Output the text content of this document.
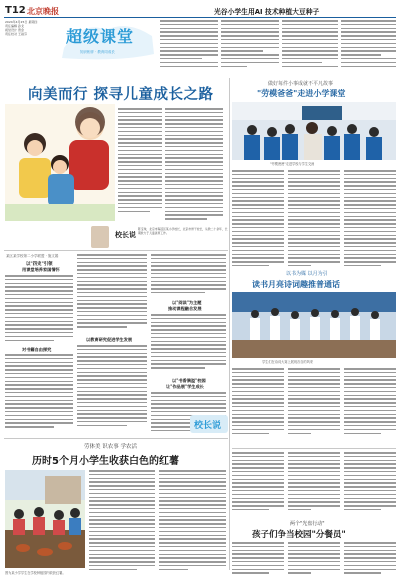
T12 北京晚报	光谷小学生用AI 技术种植大豆种子
2024年4月25日 星期四
责任编辑 孙戈
视觉设计 曾金
责任校对 王淑芬	超级课堂
知识相伴 · 教育同成长
向美而行 探寻儿童成长之路
校长说
陈宝珠，北京市海淀区某小学校长，北京市骨干校长，从教二十余年，长期致力于儿童美育工作。
做好每件小事成就不平凡故事
"劳模爸爸"走进小学课堂
"劳模爸爸"走进学校与学生交流
某区某学校第二小学联盟 · 施文娟
以"四史"引领
用课堂培养家国情怀
对书籍自由探究
以教育研究促进学生发展
以"阅读"为主题
推动课程融合发展
以"书香满溢"校园
让"作品展"学生成长
以书为媒 以月为引
读书月亮诗词趣推普通话
学生们在诗词大赛上展现各自的风采
校长说
劳体美 识农事 学农活
历时5个月小学生收获白色的红薯
图为某小学学生在学校种植园内收获红薯。
两个"光盘行动"
孩子们争当校园"分餐员"
